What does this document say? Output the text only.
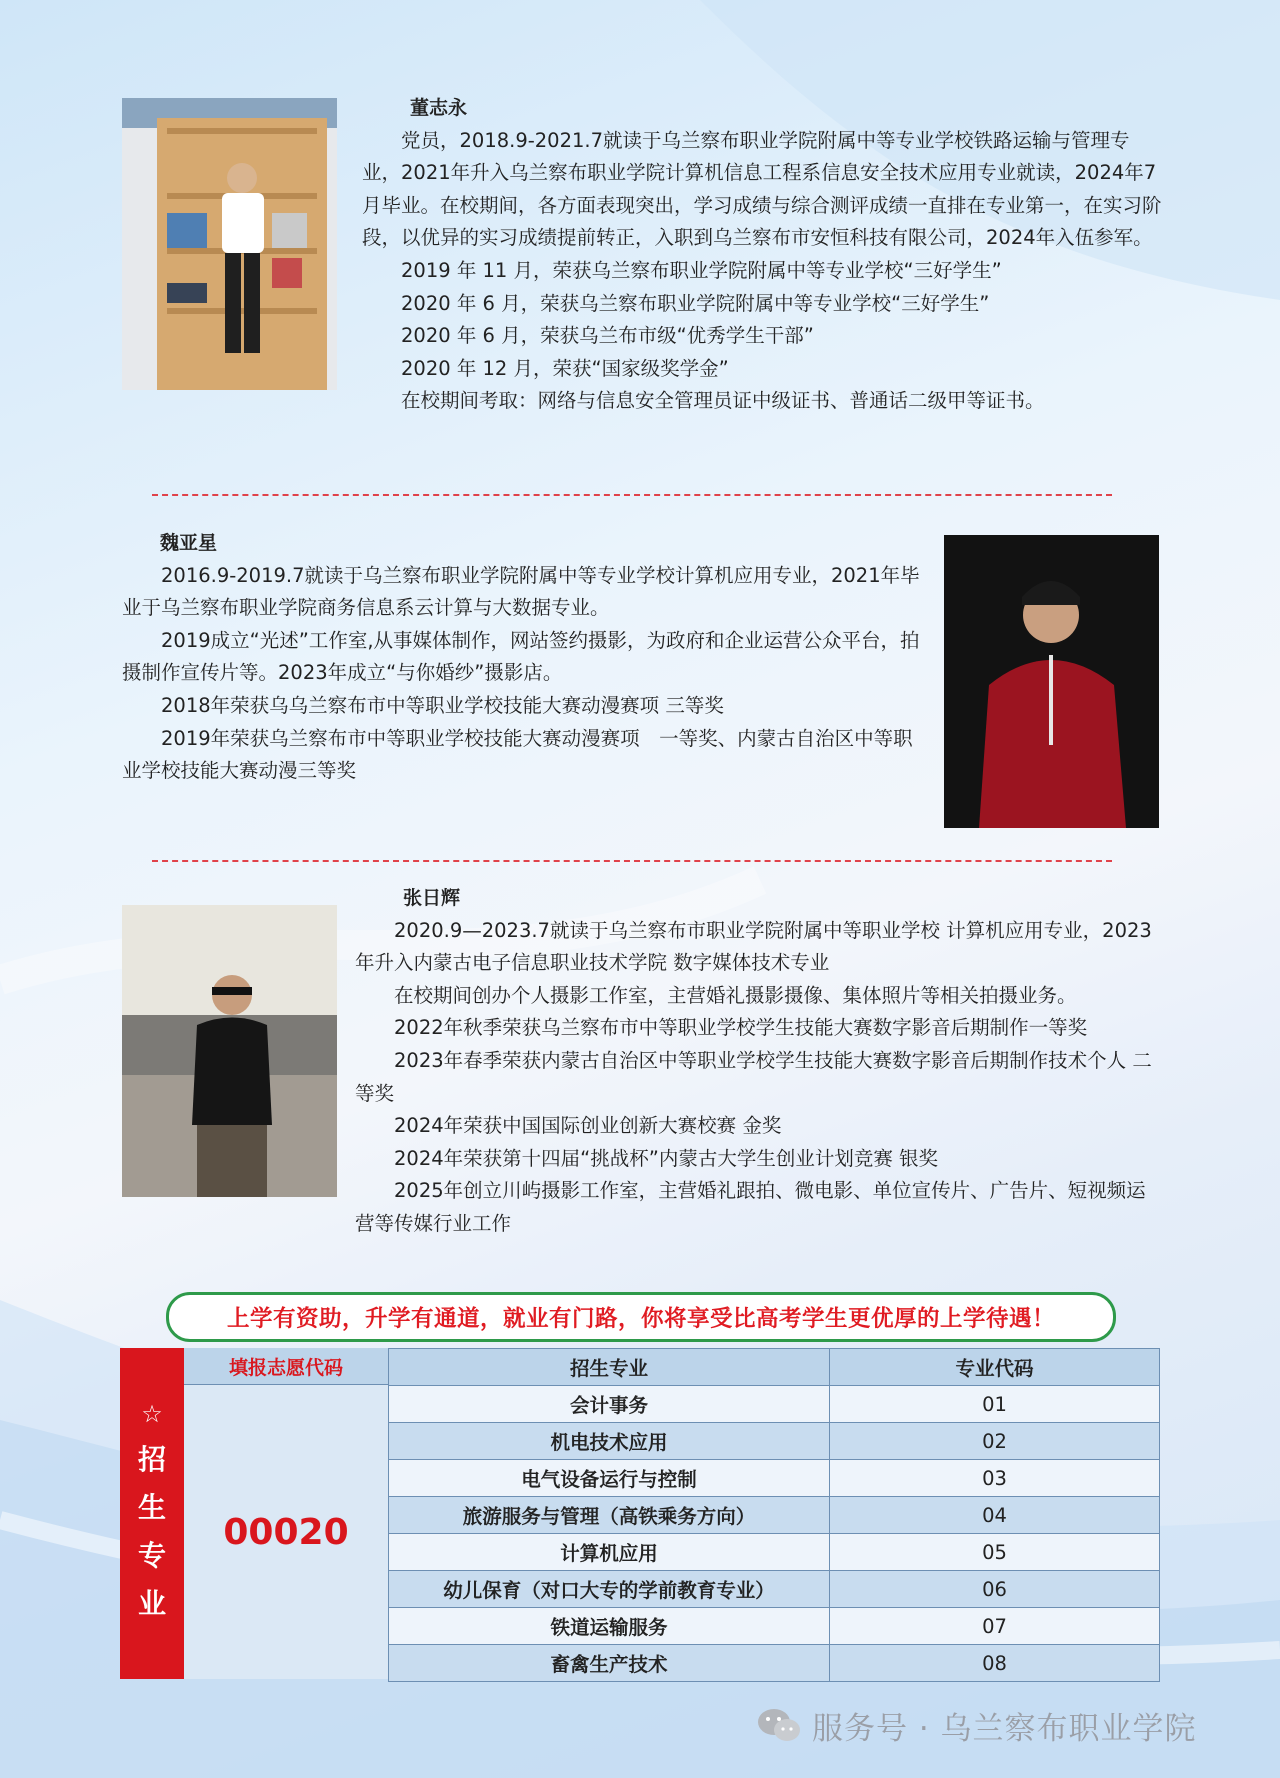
董志永

党员，2018.9-2021.7就读于乌兰察布职业学院附属中等专业学校铁路运输与管理专业，2021年升入乌兰察布职业学院计算机信息工程系信息安全技术应用专业就读，2024年7月毕业。在校期间，各方面表现突出，学习成绩与综合测评成绩一直排在专业第一，在实习阶段，以优异的实习成绩提前转正，入职到乌兰察布市安恒科技有限公司，2024年入伍参军。

2019 年 11 月，荣获乌兰察布职业学院附属中等专业学校“三好学生”

2020 年 6 月，荣获乌兰察布职业学院附属中等专业学校“三好学生”

2020 年 6 月，荣获乌兰布市级“优秀学生干部”

2020 年 12 月，荣获“国家级奖学金”

在校期间考取：网络与信息安全管理员证中级证书、普通话二级甲等证书。

魏亚星

2016.9-2019.7就读于乌兰察布职业学院附属中等专业学校计算机应用专业，2021年毕业于乌兰察布职业学院商务信息系云计算与大数据专业。

2019成立“光述”工作室,从事媒体制作，网站签约摄影，为政府和企业运营公众平台，拍摄制作宣传片等。2023年成立“与你婚纱”摄影店。

2018年荣获乌乌兰察布市中等职业学校技能大赛动漫赛项 三等奖

2019年荣获乌兰察布市中等职业学校技能大赛动漫赛项　一等奖、内蒙古自治区中等职业学校技能大赛动漫三等奖

张日辉

2020.9—2023.7就读于乌兰察布市职业学院附属中等职业学校 计算机应用专业，2023年升入内蒙古电子信息职业技术学院 数字媒体技术专业

在校期间创办个人摄影工作室，主营婚礼摄影摄像、集体照片等相关拍摄业务。

2022年秋季荣获乌兰察布市中等职业学校学生技能大赛数字影音后期制作一等奖

2023年春季荣获内蒙古自治区中等职业学校学生技能大赛数字影音后期制作技术个人 二等奖

2024年荣获中国国际创业创新大赛校赛 金奖

2024年荣获第十四届“挑战杯”内蒙古大学生创业计划竞赛 银奖

2025年创立川屿摄影工作室，主营婚礼跟拍、微电影、单位宣传片、广告片、短视频运营等传媒行业工作

上学有资助，升学有通道，就业有门路，你将享受比高考学生更优厚的上学待遇！
☆
招
生
专
业
填报志愿代码
00020
招生专业	专业代码
会计事务	01
机电技术应用	02
电气设备运行与控制	03
旅游服务与管理（高铁乘务方向）	04
计算机应用	05
幼儿保育（对口大专的学前教育专业）	06
铁道运输服务	07
畜禽生产技术	08
服务号 · 乌兰察布职业学院
